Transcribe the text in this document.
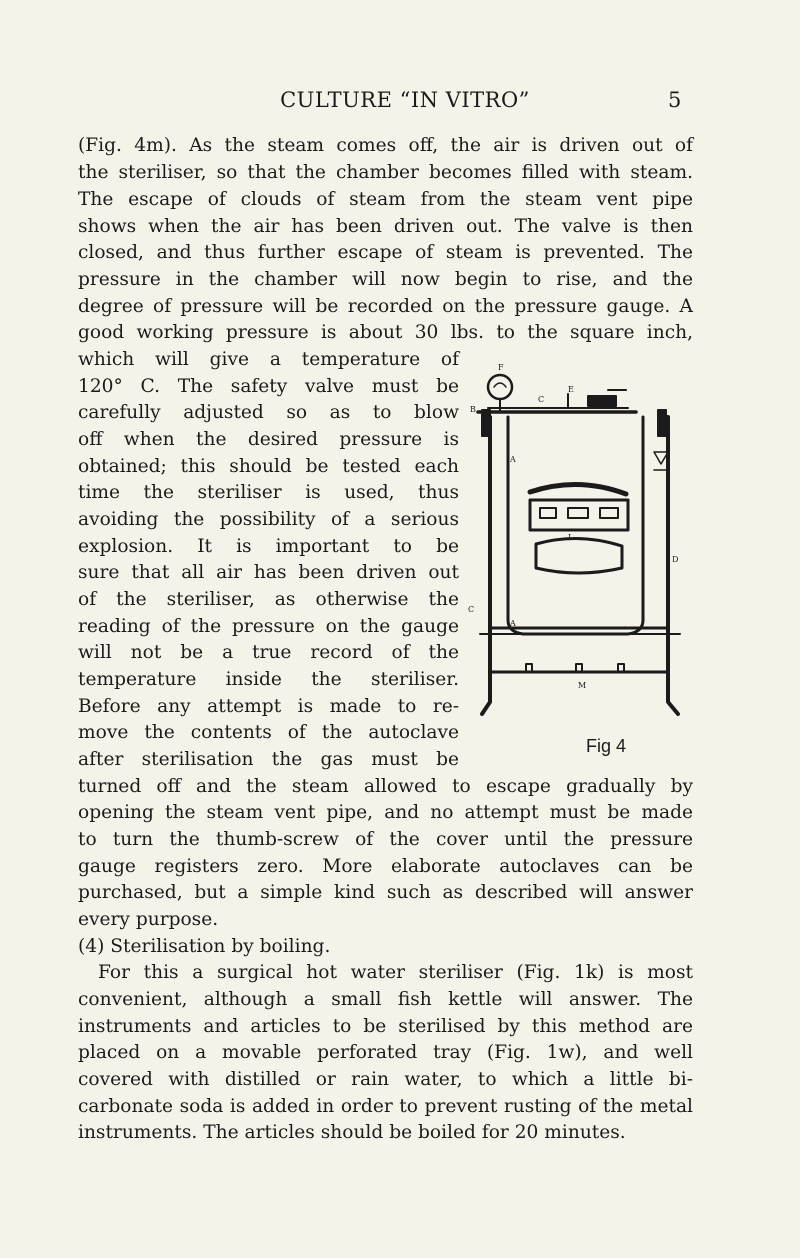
CULTURE “IN VITRO”	5
(Fig. 4m). As the steam comes off, the air is driven out of
the steriliser, so that the chamber becomes filled with steam.
The escape of clouds of steam from the steam vent pipe
shows when the air has been driven out. The valve is then
closed, and thus further escape of steam is prevented. The
pressure in the chamber will now begin to rise, and the
degree of pressure will be recorded on the pressure gauge. A
good working pressure is about 30 lbs. to the square inch,
which will give a temperature of
120° C. The safety valve must be
carefully adjusted so as to blow
off when the desired pressure is
obtained; this should be tested each
time the steriliser is used, thus
avoiding the possibility of a serious
explosion. It is important to be
sure that all air has been driven out
of the steriliser, as otherwise the
reading of the pressure on the gauge
will not be a true record of the
temperature inside the steriliser.
Before any attempt is made to re-
move the contents of the autoclave
after sterilisation the gas must be
turned off and the steam allowed to escape gradually by
opening the steam vent pipe, and no attempt must be made
to turn the thumb-screw of the cover until the pressure
gauge registers zero. More elaborate autoclaves can be
purchased, but a simple kind such as described will answer
every purpose.
(4) Sterilisation by boiling.
For this a surgical hot water steriliser (Fig. 1k) is most
convenient, although a small fish kettle will answer. The
instruments and articles to be sterilised by this method are
placed on a movable perforated tray (Fig. 1w), and well
covered with distilled or rain water, to which a little bi-
carbonate soda is added in order to prevent rusting of the metal
instruments. The articles should be boiled for 20 minutes.
F
C
E
B
A
L
C
M
A
D
Fig 4
